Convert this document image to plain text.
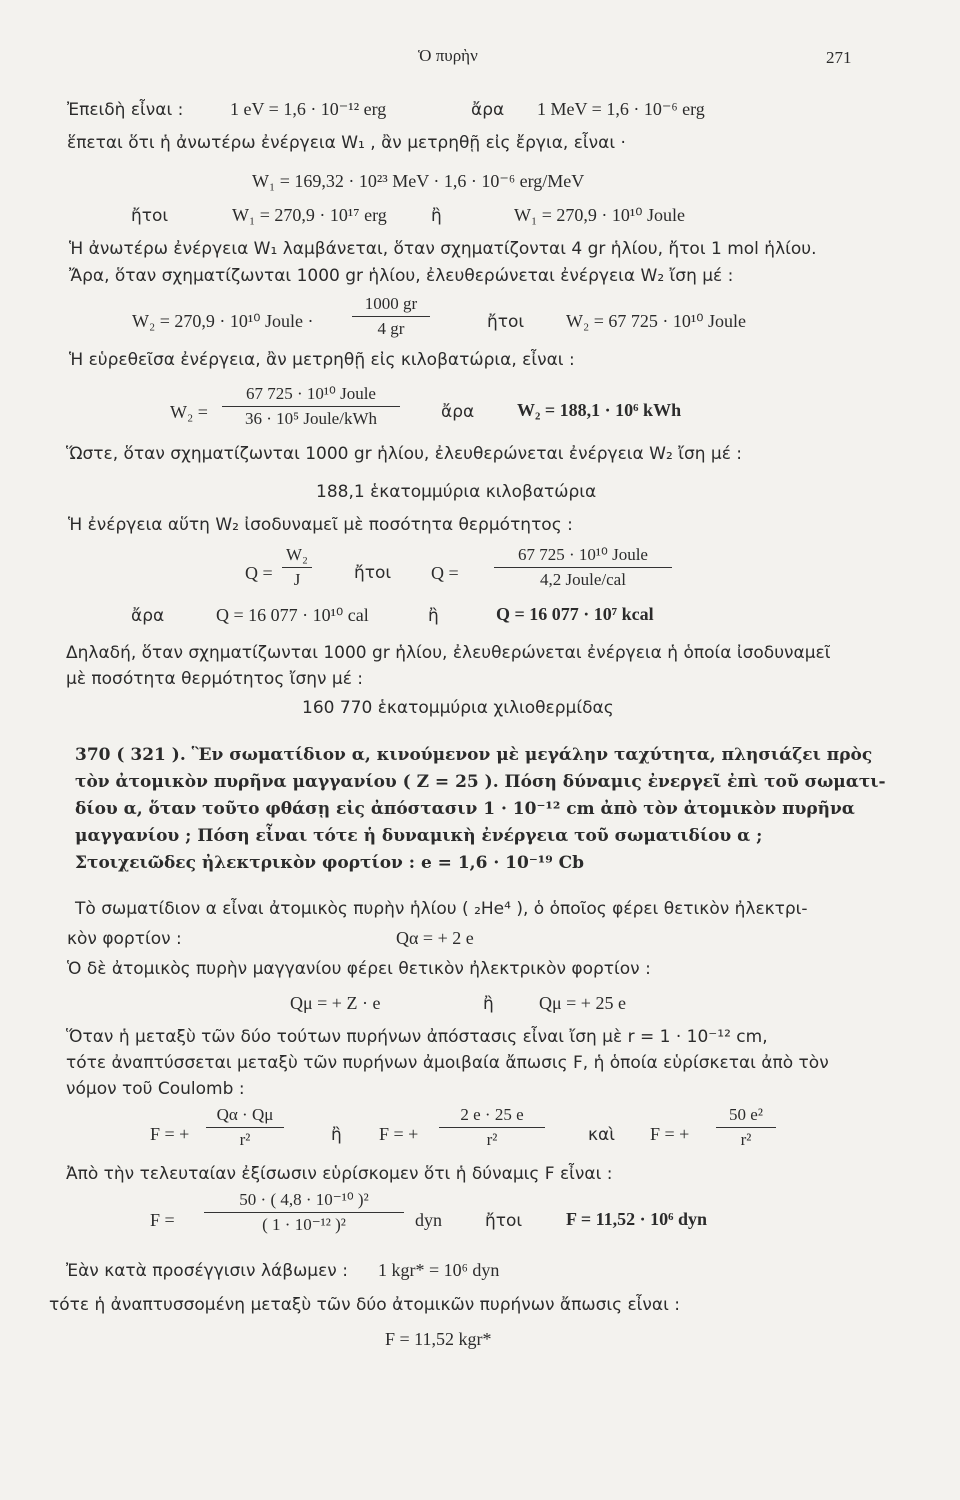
Ὁ πυρὴν	271
Ἐπειδὴ εἶναι :	1 eV = 1,6 · 10⁻¹² erg	ἄρα 1 MeV = 1,6 · 10⁻⁶ erg
ἕπεται ὅτι ἡ ἀνωτέρω ἐνέργεια W₁ , ἂν μετρηθῇ εἰς ἔργια, εἶναι ·
W₁ = 169,32 · 10²³ MeV · 1,6 · 10⁻⁶ erg/MeV
ἤτοι	W₁ = 270,9 · 10¹⁷ erg	ἢ	W₁ = 270,9 · 10¹⁰ Joule
Ἡ ἀνωτέρω ἐνέργεια W₁ λαμβάνεται, ὅταν σχηματίζονται 4 gr ἡλίου, ἤτοι 1 mol ἡλίου.
Ἄρα, ὅταν σχηματίζωνται 1000 gr ἡλίου, ἐλευθερώνεται ἐνέργεια W₂ ἴση μέ :
W₂ = 270,9 · 10¹⁰ Joule · $\frac{1000 gr}{4 gr}$	ἤτοι W₂ = 67 725 · 10¹⁰ Joule
Ἡ εὑρεθεῖσα ἐνέργεια, ἂν μετρηθῇ εἰς κιλοβατώρια, εἶναι :
W₂ =
67 725 · 10¹⁰ Joule
36 · 10⁵ Joule/kWh	ἄρα W₂ = 188,1 · 10⁶ kWh
Ὥστε, ὅταν σχηματίζωνται 1000 gr ἡλίου, ἐλευθερώνεται ἐνέργεια W₂ ἴση μέ :
188,1 ἑκατομμύρια κιλοβατώρια
Ἡ ἐνέργεια αὕτη W₂ ἰσοδυναμεῖ μὲ ποσότητα θερμότητος :
$Q = \frac{\text{W₂}}{J}$ ἤτοι Q =
67 725 · 10¹⁰ Joule
4,2 Joule/cal
ἄρα	Q = 16 077 · 10¹⁰ cal	ἢ	Q = 16 077 · 10⁷ kcal
Δηλαδή, ὅταν σχηματίζωνται 1000 gr ἡλίου, ἐλευθερώνεται ἐνέργεια ἡ ὁποία ἰσοδυναμεῖ
μὲ ποσότητα θερμότητος ἴσην μέ :
160 770 ἑκατομμύρια χιλιοθερμίδας
370 ( 321 ). Ἓν σωματίδιον α, κινούμενον μὲ μεγάλην ταχύτητα, πλησιάζει πρὸς
τὸν ἀτομικὸν πυρῆνα μαγγανίου ( Z = 25 ). Πόση δύναμις ἐνεργεῖ ἐπὶ τοῦ σωματι-
δίου α, ὅταν τοῦτο φθάσῃ εἰς ἀπόστασιν 1 · 10⁻¹² cm ἀπὸ τὸν ἀτομικὸν πυρῆνα
μαγγανίου ; Πόση εἶναι τότε ἡ δυναμικὴ ἐνέργεια τοῦ σωματιδίου α ;
Στοιχειῶδες ἠλεκτρικὸν φορτίον : e = 1,6 · 10⁻¹⁹ Cb
Τὸ σωματίδιον α εἶναι ἀτομικὸς πυρὴν ἡλίου ( ₂He⁴ ), ὁ ὁποῖος φέρει θετικὸν ἠλεκτρι-
κὸν φορτίον :	Qα = + 2 e
Ὁ δὲ ἀτομικὸς πυρὴν μαγγανίου φέρει θετικὸν ἠλεκτρικὸν φορτίον :
Qμ = + Z · e	ἢ	Qμ = + 25 e
Ὅταν ἡ μεταξὺ τῶν δύο τούτων πυρήνων ἀπόστασις εἶναι ἴση μὲ r = 1 · 10⁻¹² cm,
τότε ἀναπτύσσεται μεταξὺ τῶν πυρήνων ἀμοιβαία ἄπωσις F, ἡ ὁποία εὑρίσκεται ἀπὸ τὸν
νόμον τοῦ Coulomb :
F = + $\frac{Q\alpha \cdot Q\mu}{\text{r²}}$	ἢ F = + $\frac{2 e \cdot 25 e}{\text{r²}}$	καὶ F = + $\frac{\text{50 e²}}{\text{r²}}$
Ἀπὸ τὴν τελευταίαν ἐξίσωσιν εὑρίσκομεν ὅτι ἡ δύναμις F εἶναι :
$F = \frac{\text{50 · ( 4,8 · 10⁻¹⁰ )²}}{\text{( 1 · 10⁻¹² )²}}$ dyn	ἤτοι F = 11,52 · 10⁶ dyn
Ἐὰν κατὰ προσέγγισιν λάβωμεν : 1 kgr* = 10⁶ dyn
τότε ἡ ἀναπτυσσομένη μεταξὺ τῶν δύο ἀτομικῶν πυρήνων ἄπωσις εἶναι :
F = 11,52 kgr*
